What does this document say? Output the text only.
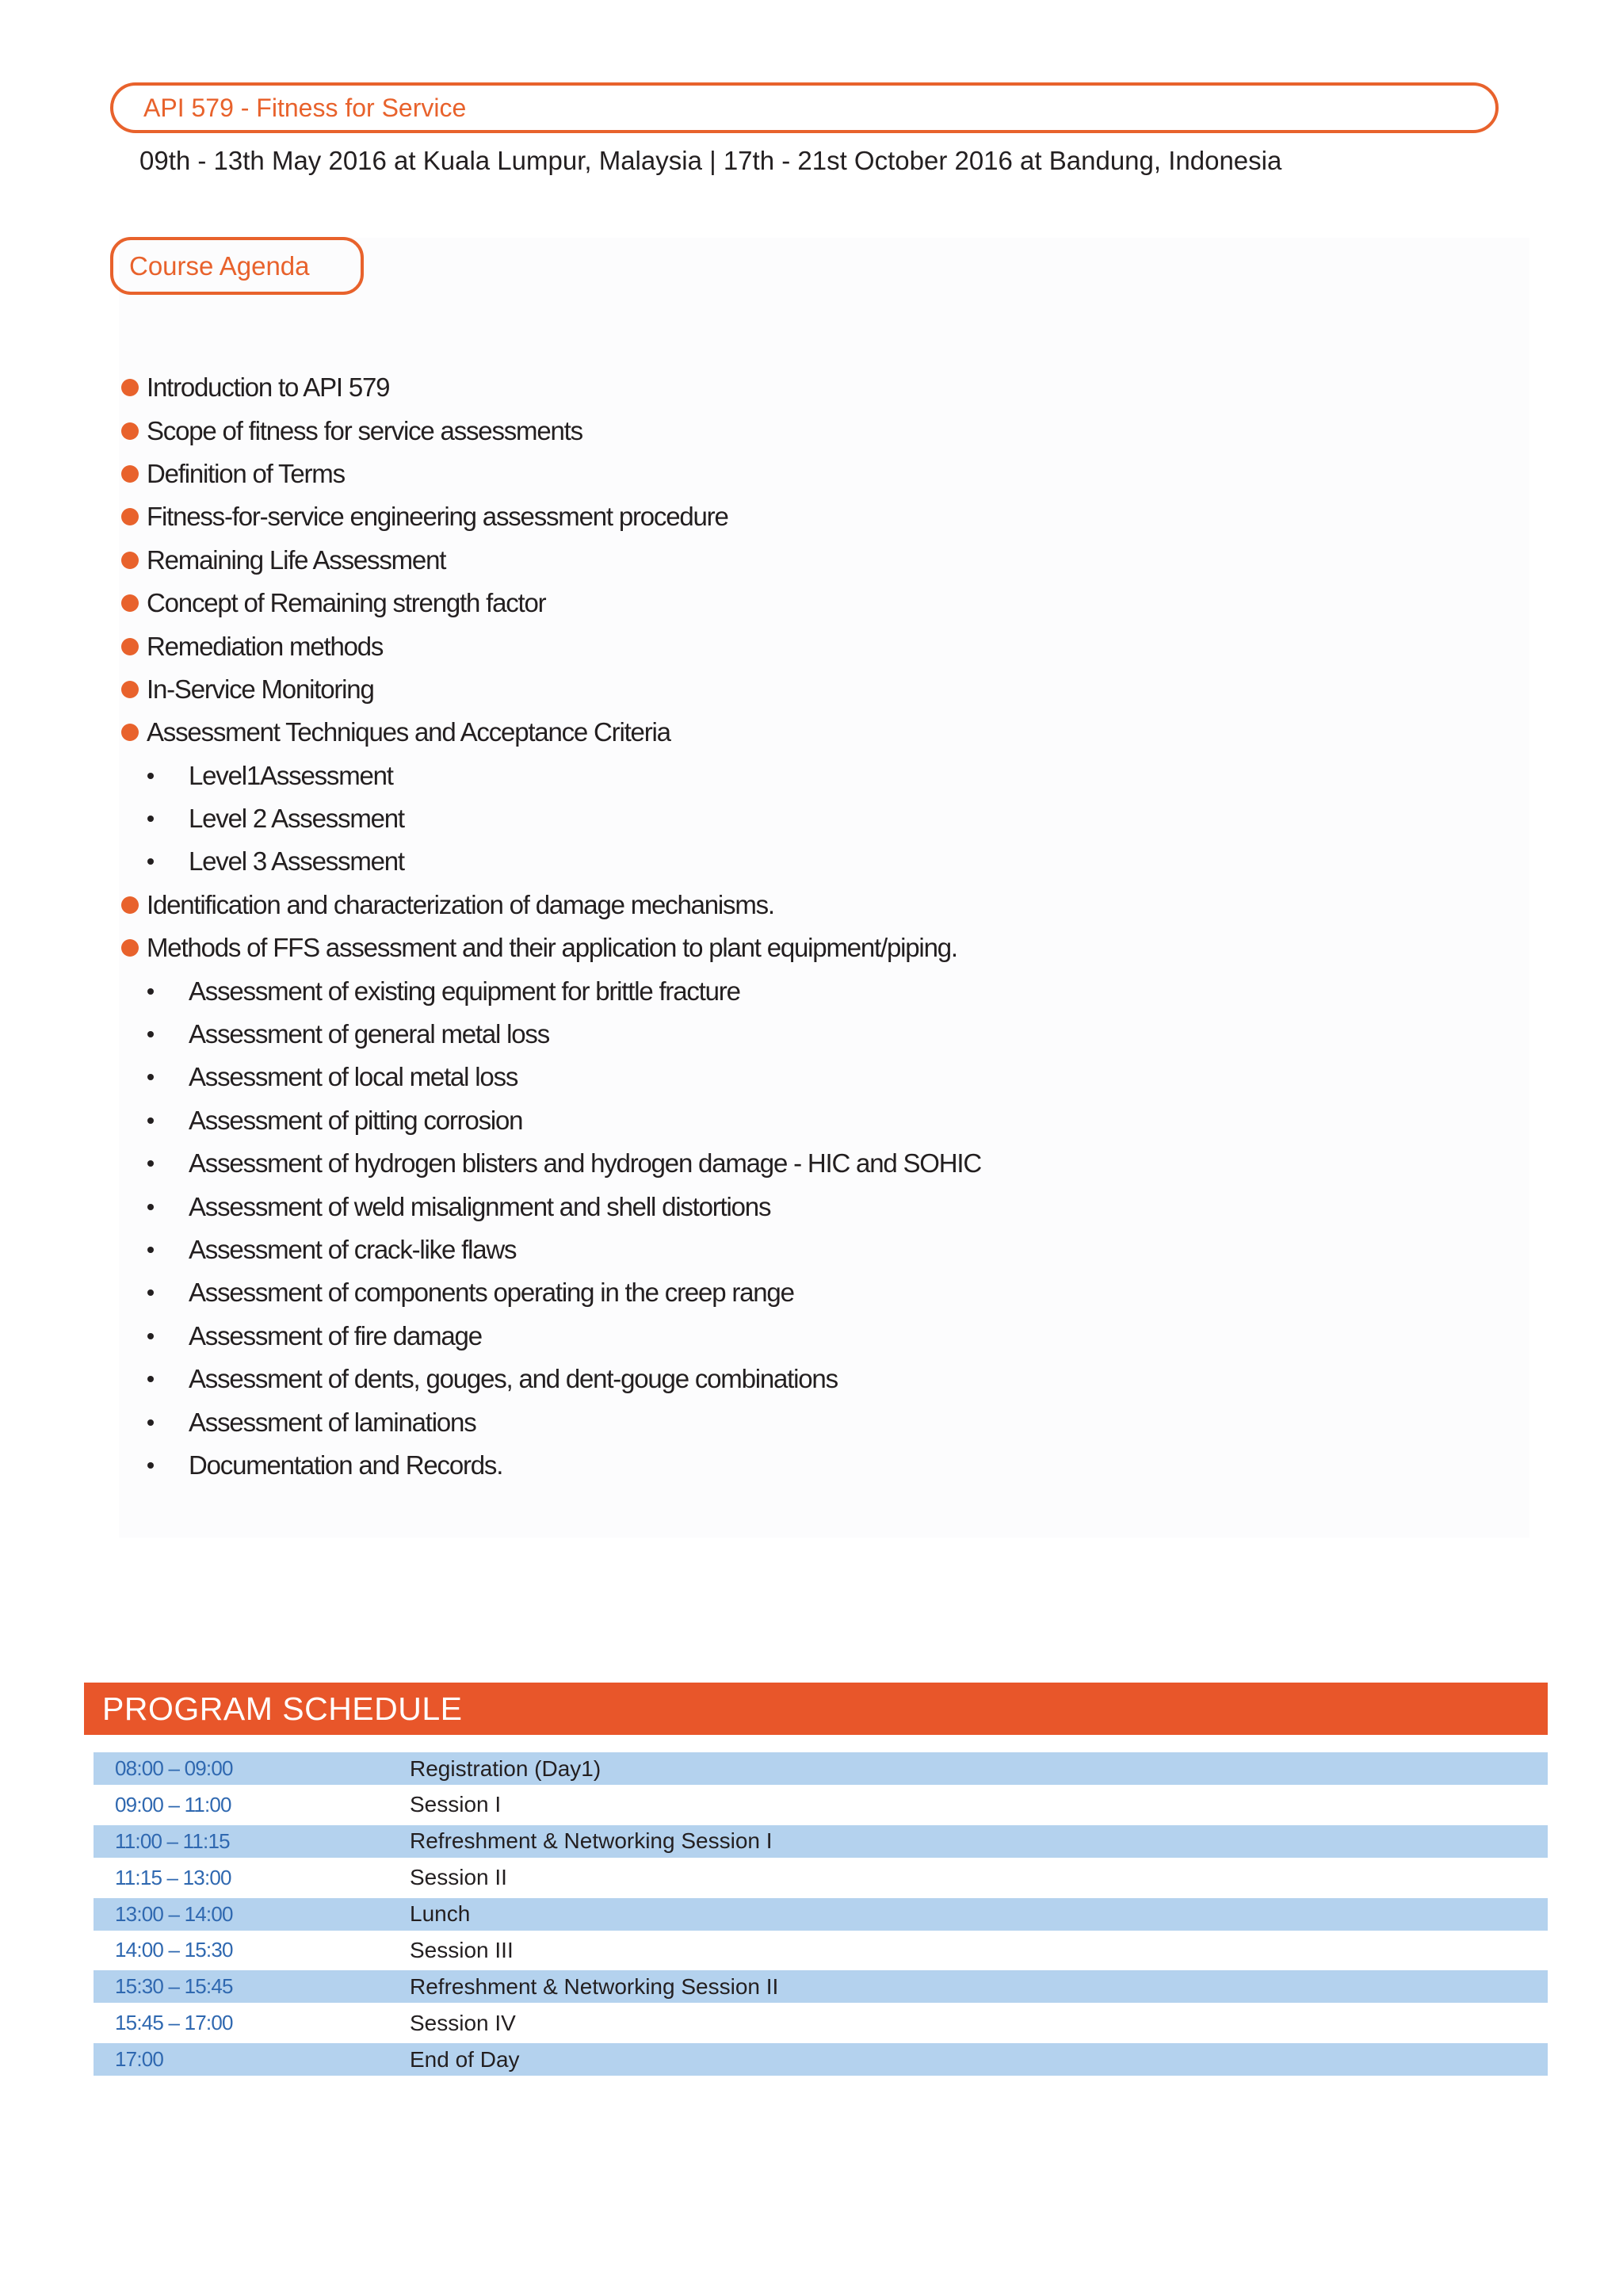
API 579 - Fitness for Service
09th - 13th May 2016 at Kuala Lumpur, Malaysia | 17th - 21st October 2016 at Bandung, Indonesia
Course Agenda
Introduction to API 579
Scope of fitness for service assessments
Definition of Terms
Fitness-for-service engineering assessment procedure
Remaining Life Assessment
Concept of Remaining strength factor
Remediation methods
In-Service Monitoring
Assessment Techniques and Acceptance Criteria
Level1Assessment
Level 2 Assessment
Level 3 Assessment
Identification and characterization of damage mechanisms.
Methods of FFS assessment and their application to plant equipment/piping.
Assessment of existing equipment for brittle fracture
Assessment of general metal loss
Assessment of local metal loss
Assessment of pitting corrosion
Assessment of hydrogen blisters and hydrogen damage - HIC and SOHIC
Assessment of weld misalignment and shell distortions
Assessment of crack-like flaws
Assessment of components operating in the creep range
Assessment of fire damage
Assessment of dents, gouges, and dent-gouge combinations
Assessment of laminations
Documentation and Records.
PROGRAM SCHEDULE
08:00 – 09:00	Registration (Day1)
09:00 – 11:00	Session I
11:00 – 11:15	Refreshment & Networking Session I
11:15 – 13:00	Session II
13:00 – 14:00	Lunch
14:00 – 15:30	Session III
15:30 – 15:45	Refreshment & Networking Session II
15:45 – 17:00	Session IV
17:00	End of Day
